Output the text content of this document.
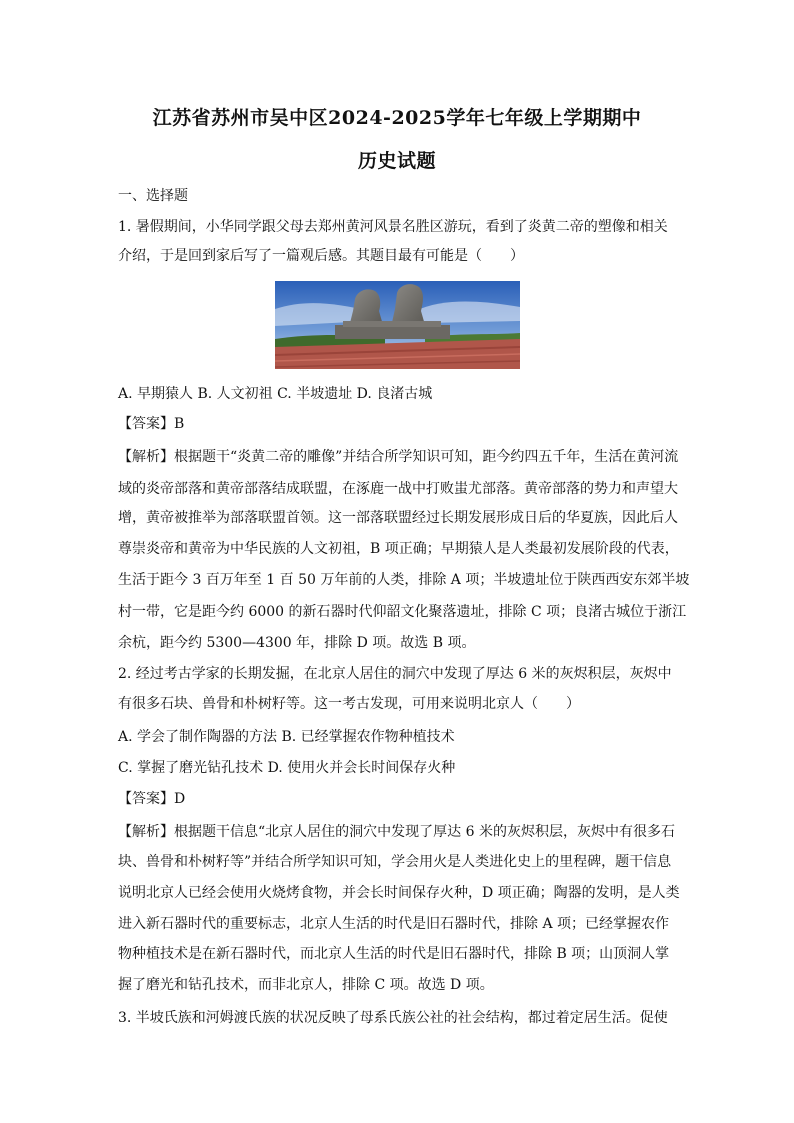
江苏省苏州市吴中区2024-2025学年七年级上学期期中
历史试题
一、选择题
1. 暑假期间，小华同学跟父母去郑州黄河风景名胜区游玩，看到了炎黄二帝的塑像和相关
介绍，于是回到家后写了一篇观后感。其题目最有可能是（　　）
A. 早期猿人 B. 人文初祖 C. 半坡遗址 D. 良渚古城
【答案】B
【解析】根据题干“炎黄二帝的雕像”并结合所学知识可知，距今约四五千年，生活在黄河流
域的炎帝部落和黄帝部落结成联盟，在涿鹿一战中打败蚩尤部落。黄帝部落的势力和声望大
增，黄帝被推举为部落联盟首领。这一部落联盟经过长期发展形成日后的华夏族，因此后人
尊崇炎帝和黄帝为中华民族的人文初祖，B 项正确；早期猿人是人类最初发展阶段的代表，
生活于距今 3 百万年至 1 百 50 万年前的人类，排除 A 项；半坡遗址位于陕西西安东郊半坡
村一带，它是距今约 6000 的新石器时代仰韶文化聚落遗址，排除 C 项；良渚古城位于浙江
余杭，距今约 5300—4300 年，排除 D 项。故选 B 项。
2. 经过考古学家的长期发掘，在北京人居住的洞穴中发现了厚达 6 米的灰烬积层，灰烬中
有很多石块、兽骨和朴树籽等。这一考古发现，可用来说明北京人（　　）
A. 学会了制作陶器的方法 B. 已经掌握农作物种植技术
C. 掌握了磨光钻孔技术 D. 使用火并会长时间保存火种
【答案】D
【解析】根据题干信息“北京人居住的洞穴中发现了厚达 6 米的灰烬积层，灰烬中有很多石
块、兽骨和朴树籽等”并结合所学知识可知，学会用火是人类进化史上的里程碑，题干信息
说明北京人已经会使用火烧烤食物，并会长时间保存火种，D 项正确；陶器的发明，是人类
进入新石器时代的重要标志，北京人生活的时代是旧石器时代，排除 A 项；已经掌握农作
物种植技术是在新石器时代，而北京人生活的时代是旧石器时代，排除 B 项；山顶洞人掌
握了磨光和钻孔技术，而非北京人，排除 C 项。故选 D 项。
3. 半坡氏族和河姆渡氏族的状况反映了母系氏族公社的社会结构，都过着定居生活。促使
